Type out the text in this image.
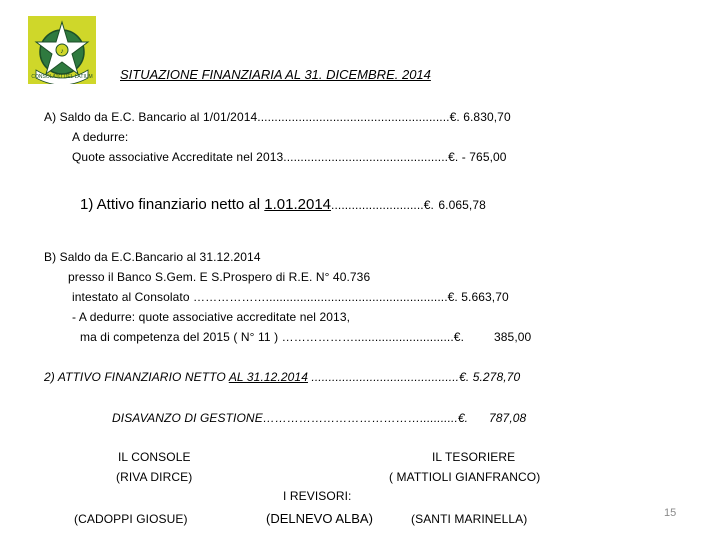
♪
CONSOLATO DEL LATIUM SITUAZIONE FINANZIARIA AL 31. DICEMBRE. 2014
A) Saldo da E.C. Bancario al 1/01/2014........................................................€. 6.830,70
A dedurre:
Quote associative Accreditate nel 2013................................................€. - 765,00
1) Attivo finanziario netto al 1.01.2014...........................€. 6.065,78
B) Saldo da E.C.Bancario al 31.12.2014
presso il Banco S.Gem. E S.Prospero di R.E. N° 40.736
intestato al Consolato ……………….....................................................€. 5.663,70
- A dedurre: quote associative accreditate nel 2013,
ma di competenza del 2015 ( N° 11 ) ……………….............................€. 385,00
2) ATTIVO FINANZIARIO NETTO AL 31.12.2014 ...........................................€. 5.278,70
DISAVANZO DI GESTIONE…………………………………...........€. 787,08
IL CONSOLE
(RIVA DIRCE)
IL TESORIERE
( MATTIOLI GIANFRANCO)
I REVISORI:
(CADOPPI GIOSUE)	(DELNEVO ALBA)	(SANTI MARINELLA)	15
